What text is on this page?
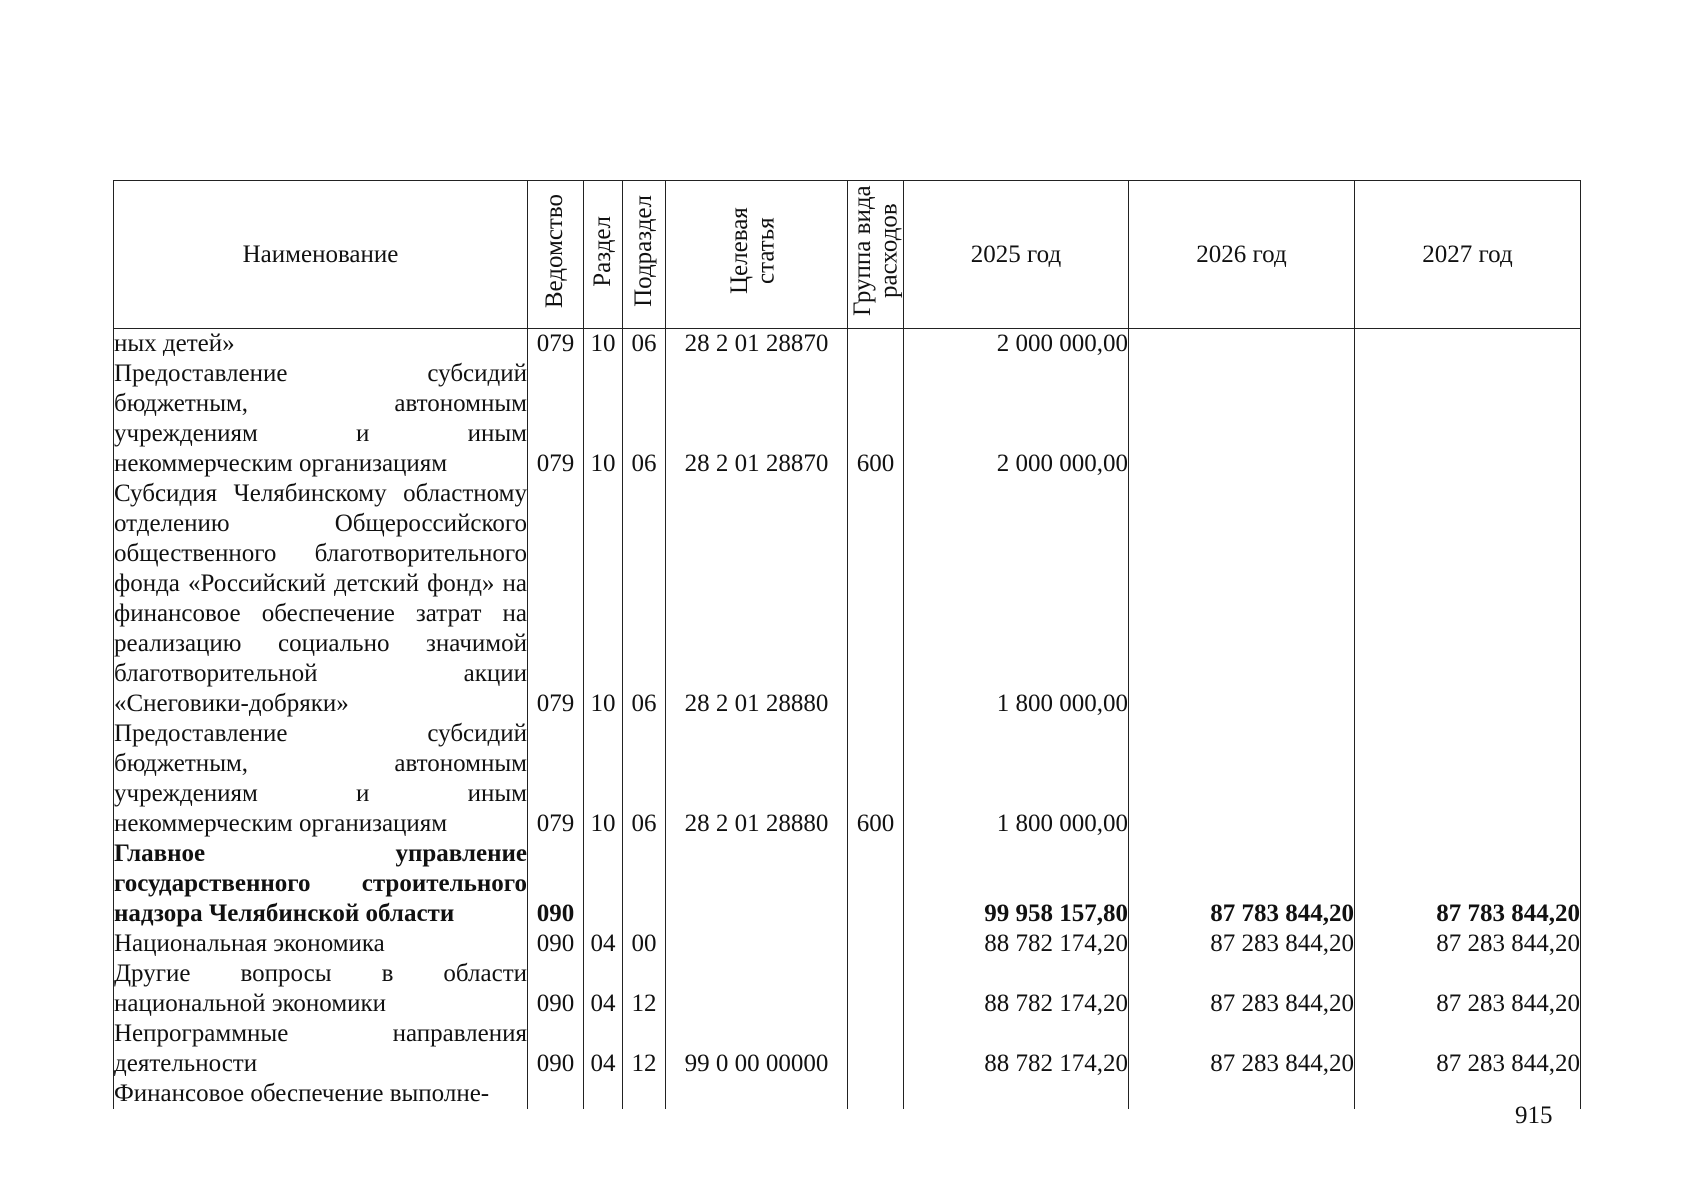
Наименование	Ведомство	Раздел	Подраздел	Целевая статья	Группа вида расходов	2025 год	2026 год	2027 год
ных детей»	079	10	06	28 2 01 28870		2 000 000,00		
Предоставление субсидий бюджетным, автономным учреждениям и иным некоммерческим организациям	079	10	06	28 2 01 28870	600	2 000 000,00		
Субсидия Челябинскому областному отделению Общероссийского общественного благотворительного фонда «Российский детский фонд» на финансовое обеспечение затрат на реализацию социально значимой благотворительной акции «Снеговики-добряки»	079	10	06	28 2 01 28880		1 800 000,00		
Предоставление субсидий бюджетным, автономным учреждениям и иным некоммерческим организациям	079	10	06	28 2 01 28880	600	1 800 000,00		
Главное управление государственного строительного надзора Челябинской области	090					99 958 157,80	87 783 844,20	87 783 844,20
Национальная экономика	090	04	00			88 782 174,20	87 283 844,20	87 283 844,20
Другие вопросы в области национальной экономики	090	04	12			88 782 174,20	87 283 844,20	87 283 844,20
Непрограммные направления деятельности	090	04	12	99 0 00 00000		88 782 174,20	87 283 844,20	87 283 844,20
Финансовое обеспечение выполне-								
915
